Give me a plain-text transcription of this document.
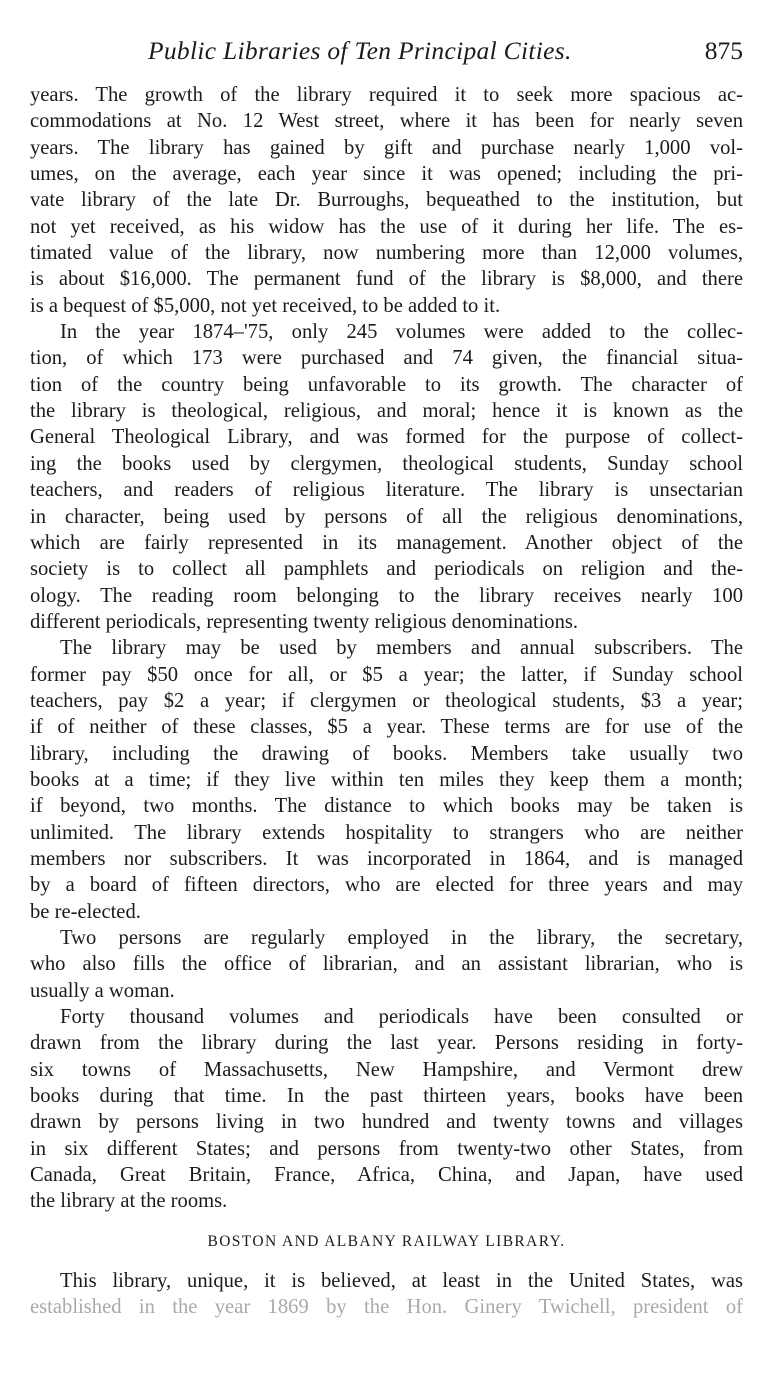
Public Libraries of Ten Principal Cities.	875
years. The growth of the library required it to seek more spacious ac-
commodations at No. 12 West street, where it has been for nearly seven
years. The library has gained by gift and purchase nearly 1,000 vol-
umes, on the average, each year since it was opened; including the pri-
vate library of the late Dr. Burroughs, bequeathed to the institution, but
not yet received, as his widow has the use of it during her life. The es-
timated value of the library, now numbering more than 12,000 volumes,
is about $16,000. The permanent fund of the library is $8,000, and there
is a bequest of $5,000, not yet received, to be added to it.
In the year 1874–'75, only 245 volumes were added to the collec-
tion, of which 173 were purchased and 74 given, the financial situa-
tion of the country being unfavorable to its growth. The character of
the library is theological, religious, and moral; hence it is known as the
General Theological Library, and was formed for the purpose of collect-
ing the books used by clergymen, theological students, Sunday school
teachers, and readers of religious literature. The library is unsectarian
in character, being used by persons of all the religious denominations,
which are fairly represented in its management. Another object of the
society is to collect all pamphlets and periodicals on religion and the-
ology. The reading room belonging to the library receives nearly 100
different periodicals, representing twenty religious denominations.
The library may be used by members and annual subscribers. The
former pay $50 once for all, or $5 a year; the latter, if Sunday school
teachers, pay $2 a year; if clergymen or theological students, $3 a year;
if of neither of these classes, $5 a year. These terms are for use of the
library, including the drawing of books. Members take usually two
books at a time; if they live within ten miles they keep them a month;
if beyond, two months. The distance to which books may be taken is
unlimited. The library extends hospitality to strangers who are neither
members nor subscribers. It was incorporated in 1864, and is managed
by a board of fifteen directors, who are elected for three years and may
be re-elected.
Two persons are regularly employed in the library, the secretary,
who also fills the office of librarian, and an assistant librarian, who is
usually a woman.
Forty thousand volumes and periodicals have been consulted or
drawn from the library during the last year. Persons residing in forty-
six towns of Massachusetts, New Hampshire, and Vermont drew
books during that time. In the past thirteen years, books have been
drawn by persons living in two hundred and twenty towns and villages
in six different States; and persons from twenty-two other States, from
Canada, Great Britain, France, Africa, China, and Japan, have used
the library at the rooms.
BOSTON AND ALBANY RAILWAY LIBRARY.
This library, unique, it is believed, at least in the United States, was
established in the year 1869 by the Hon. Ginery Twichell, president of
